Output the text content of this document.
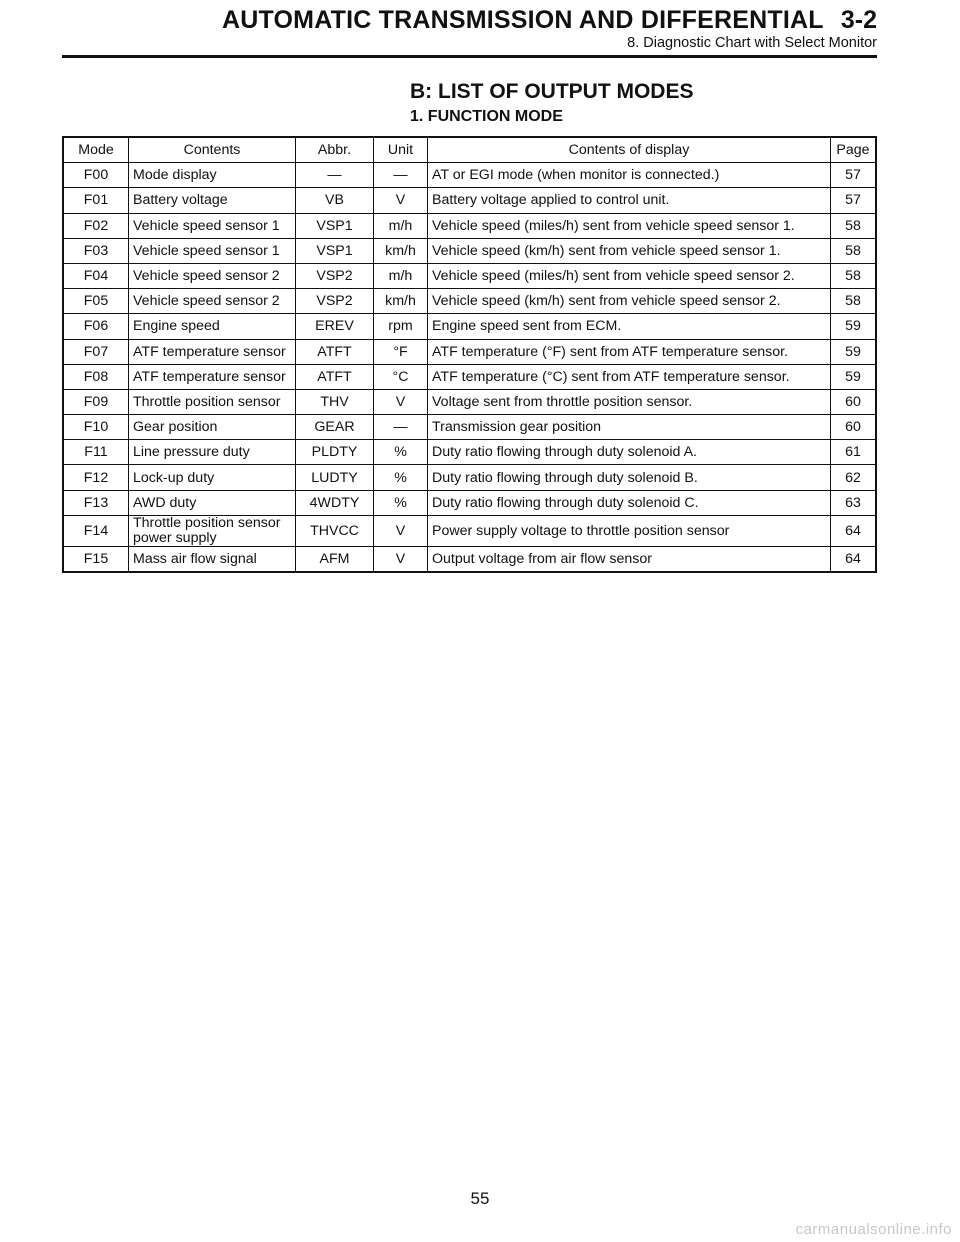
AUTOMATIC TRANSMISSION AND DIFFERENTIAL 3-2
8. Diagnostic Chart with Select Monitor
B: LIST OF OUTPUT MODES
1. FUNCTION MODE
Mode	Contents	Abbr.	Unit	Contents of display	Page
F00	Mode display	—	—	AT or EGI mode (when monitor is connected.)	57
F01	Battery voltage	VB	V	Battery voltage applied to control unit.	57
F02	Vehicle speed sensor 1	VSP1	m/h	Vehicle speed (miles/h) sent from vehicle speed sensor 1.	58
F03	Vehicle speed sensor 1	VSP1	km/h	Vehicle speed (km/h) sent from vehicle speed sensor 1.	58
F04	Vehicle speed sensor 2	VSP2	m/h	Vehicle speed (miles/h) sent from vehicle speed sensor 2.	58
F05	Vehicle speed sensor 2	VSP2	km/h	Vehicle speed (km/h) sent from vehicle speed sensor 2.	58
F06	Engine speed	EREV	rpm	Engine speed sent from ECM.	59
F07	ATF temperature sensor	ATFT	°F	ATF temperature (°F) sent from ATF temperature sensor.	59
F08	ATF temperature sensor	ATFT	°C	ATF temperature (°C) sent from ATF temperature sensor.	59
F09	Throttle position sensor	THV	V	Voltage sent from throttle position sensor.	60
F10	Gear position	GEAR	—	Transmission gear position	60
F11	Line pressure duty	PLDTY	%	Duty ratio flowing through duty solenoid A.	61
F12	Lock-up duty	LUDTY	%	Duty ratio flowing through duty solenoid B.	62
F13	AWD duty	4WDTY	%	Duty ratio flowing through duty solenoid C.	63
F14	Throttle position sensor power supply	THVCC	V	Power supply voltage to throttle position sensor	64
F15	Mass air flow signal	AFM	V	Output voltage from air flow sensor	64
55
carmanualsonline.info
